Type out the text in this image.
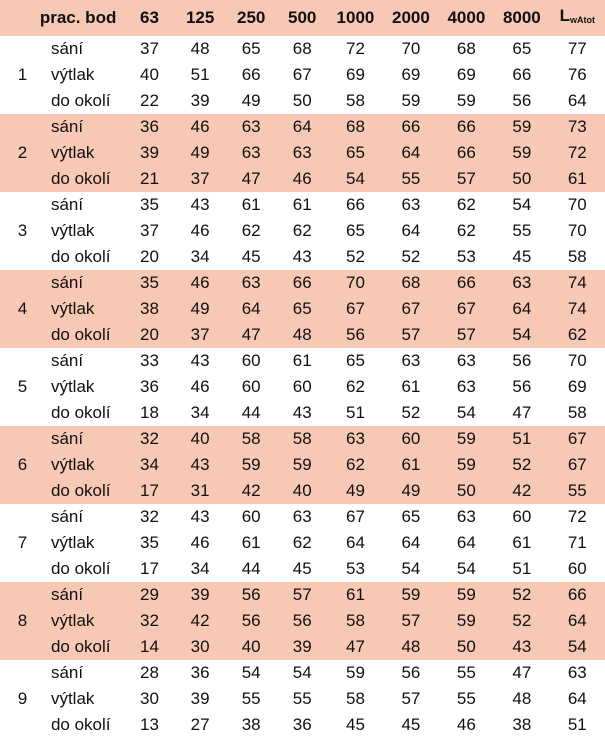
prac. bod		63	125	250	500	1000	2000	4000	8000	$L_{wAtot}$
1	sání	37	48	65	68	72	70	68	65	77
	výtlak	40	51	66	67	69	69	69	66	76
	do okolí	22	39	49	50	58	59	59	56	64
2	sání	36	46	63	64	68	66	66	59	73
	výtlak	39	49	63	63	65	64	66	59	72
	do okolí	21	37	47	46	54	55	57	50	61
3	sání	35	43	61	61	66	63	62	54	70
	výtlak	37	46	62	62	65	64	62	55	70
	do okolí	20	34	45	43	52	52	53	45	58
4	sání	35	46	63	66	70	68	66	63	74
	výtlak	38	49	64	65	67	67	67	64	74
	do okolí	20	37	47	48	56	57	57	54	62
5	sání	33	43	60	61	65	63	63	56	70
	výtlak	36	46	60	60	62	61	63	56	69
	do okolí	18	34	44	43	51	52	54	47	58
6	sání	32	40	58	58	63	60	59	51	67
	výtlak	34	43	59	59	62	61	59	52	67
	do okolí	17	31	42	40	49	49	50	42	55
7	sání	32	43	60	63	67	65	63	60	72
	výtlak	35	46	61	62	64	64	64	61	71
	do okolí	17	34	44	45	53	54	54	51	60
8	sání	29	39	56	57	61	59	59	52	66
	výtlak	32	42	56	56	58	57	59	52	64
	do okolí	14	30	40	39	47	48	50	43	54
9	sání	28	36	54	54	59	56	55	47	63
	výtlak	30	39	55	55	58	57	55	48	64
	do okolí	13	27	38	36	45	45	46	38	51
